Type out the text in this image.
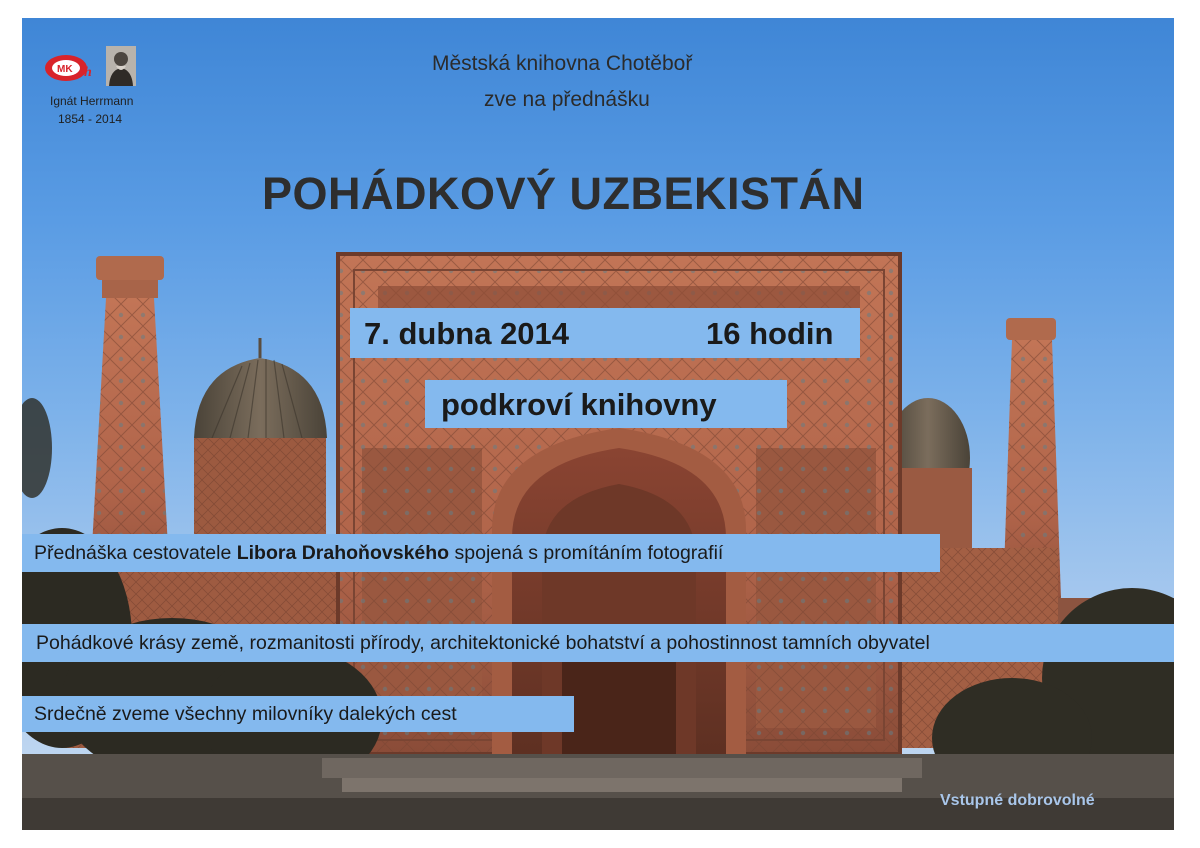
MK h
Ignát Herrmann
1854 - 2014
Městská knihovna Chotěboř
zve na přednášku
POHÁDKOVÝ UZBEKISTÁN
7. dubna 2014	16 hodin
podkroví knihovny
Přednáška cestovatele Libora Drahoňovského spojená s promítáním fotografií
Pohádkové krásy země, rozmanitosti přírody, architektonické bohatství a pohostinnost tamních obyvatel
Srdečně zveme všechny milovníky dalekých cest
Vstupné dobrovolné
